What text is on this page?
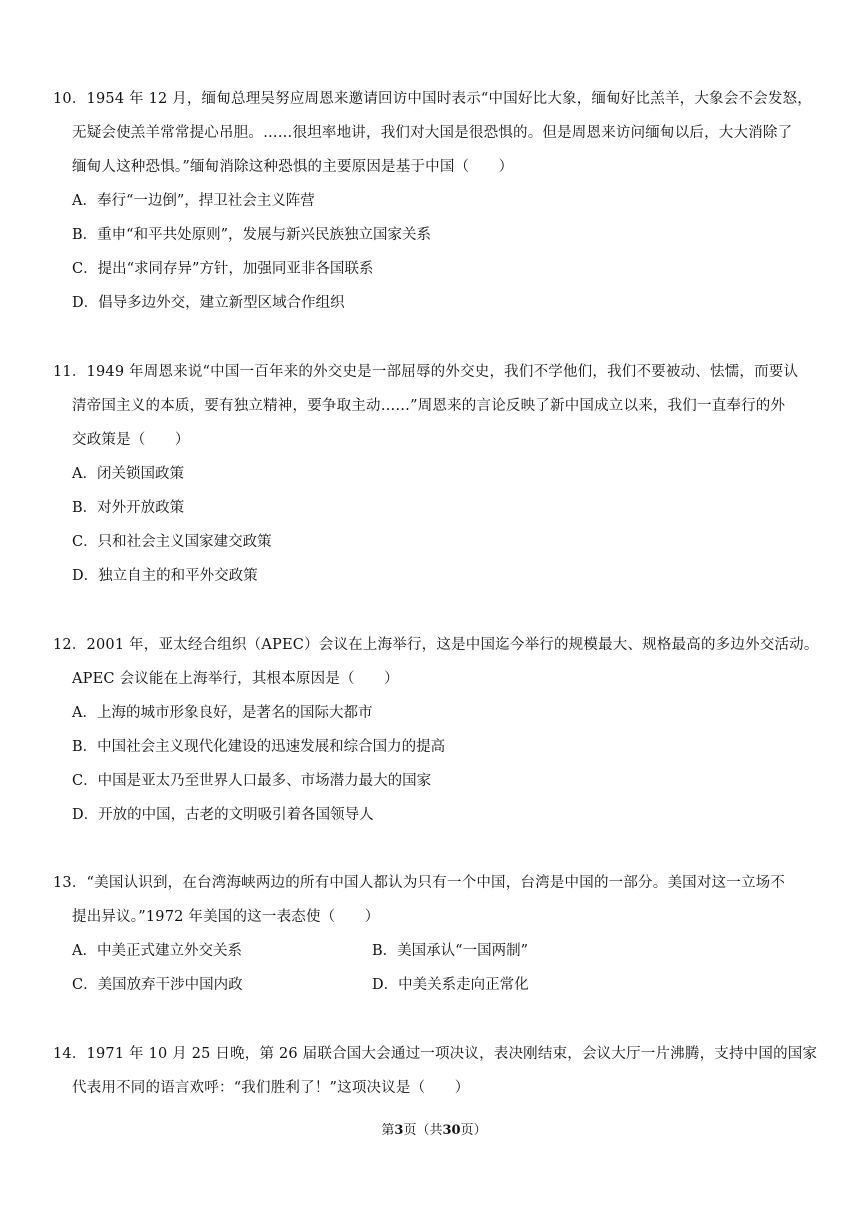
10．1954 年 12 月，缅甸总理吴努应周恩来邀请回访中国时表示“中国好比大象，缅甸好比羔羊，大象会不会发怒，
无疑会使羔羊常常提心吊胆。……很坦率地讲，我们对大国是很恐惧的。但是周恩来访问缅甸以后，大大消除了
缅甸人这种恐惧。”缅甸消除这种恐惧的主要原因是基于中国（　　）
A．奉行“一边倒”，捍卫社会主义阵营
B．重申“和平共处原则”，发展与新兴民族独立国家关系
C．提出“求同存异”方针，加强同亚非各国联系
D．倡导多边外交，建立新型区域合作组织
11．1949 年周恩来说“中国一百年来的外交史是一部屈辱的外交史，我们不学他们，我们不要被动、怯懦，而要认
清帝国主义的本质，要有独立精神，要争取主动……”周恩来的言论反映了新中国成立以来，我们一直奉行的外
交政策是（　　）
A．闭关锁国政策
B．对外开放政策
C．只和社会主义国家建交政策
D．独立自主的和平外交政策
12．2001 年，亚太经合组织（APEC）会议在上海举行，这是中国迄今举行的规模最大、规格最高的多边外交活动。
APEC 会议能在上海举行，其根本原因是（　　）
A．上海的城市形象良好，是著名的国际大都市
B．中国社会主义现代化建设的迅速发展和综合国力的提高
C．中国是亚太乃至世界人口最多、市场潜力最大的国家
D．开放的中国，古老的文明吸引着各国领导人
13．“美国认识到，在台湾海峡两边的所有中国人都认为只有一个中国，台湾是中国的一部分。美国对这一立场不
提出异议。”1972 年美国的这一表态使（　　）
A．中美正式建立外交关系	B．美国承认“一国两制”
C．美国放弃干涉中国内政	D．中美关系走向正常化
14．1971 年 10 月 25 日晚，第 26 届联合国大会通过一项决议，表决刚结束，会议大厅一片沸腾，支持中国的国家
代表用不同的语言欢呼：“我们胜利了！”这项决议是（　　）
第3页（共30页）
